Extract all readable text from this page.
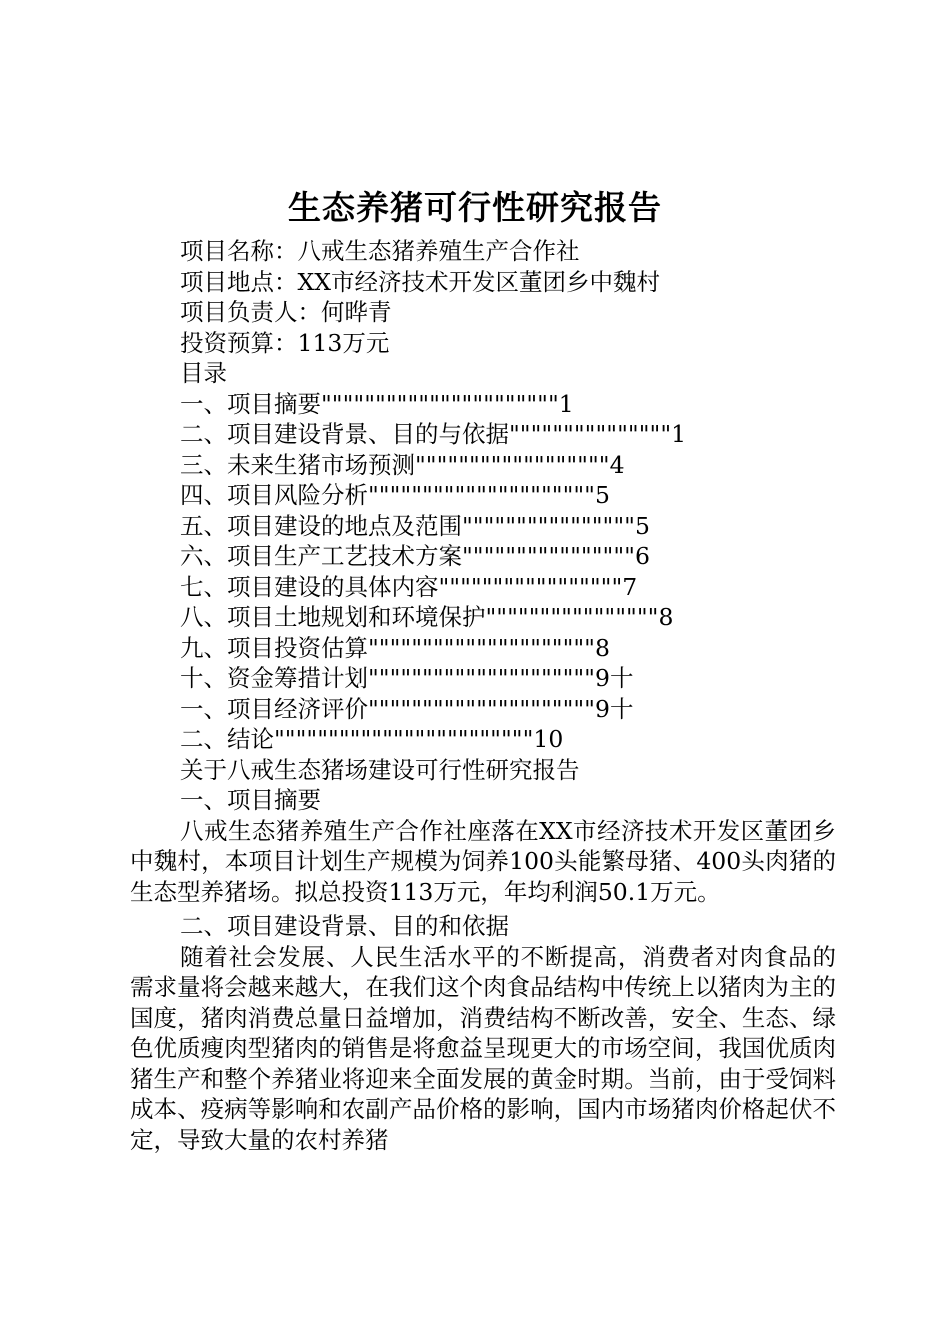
生态养猪可行性研究报告
项目名称：八戒生态猪养殖生产合作社
项目地点：XX市经济技术开发区董团乡中魏村
项目负责人：何晔青
投资预算：113万元
目录
一、项目摘要""""""""""""""""""""""1
二、项目建设背景、目的与依据"""""""""""""""1
三、未来生猪市场预测""""""""""""""""""4
四、项目风险分析"""""""""""""""""""""5
五、项目建设的地点及范围""""""""""""""""5
六、项目生产工艺技术方案""""""""""""""""6
七、项目建设的具体内容"""""""""""""""""7
八、项目土地规划和环境保护""""""""""""""""8
九、项目投资估算"""""""""""""""""""""8
十、资金筹措计划"""""""""""""""""""""9十
一、项目经济评价"""""""""""""""""""""9十
二、结论""""""""""""""""""""""""10
关于八戒生态猪场建设可行性研究报告
一、项目摘要

八戒生态猪养殖生产合作社座落在XX市经济技术开发区董团乡中魏村，本项目计划生产规模为饲养100头能繁母猪、400头肉猪的生态型养猪场。拟总投资113万元，年均利润50.1万元。

二、项目建设背景、目的和依据

随着社会发展、人民生活水平的不断提高，消费者对肉食品的需求量将会越来越大，在我们这个肉食品结构中传统上以猪肉为主的国度，猪肉消费总量日益增加，消费结构不断改善，安全、生态、绿色优质瘦肉型猪肉的销售是将愈益呈现更大的市场空间，我国优质肉猪生产和整个养猪业将迎来全面发展的黄金时期。当前，由于受饲料成本、疫病等影响和农副产品价格的影响，国内市场猪肉价格起伏不定，导致大量的农村养猪
